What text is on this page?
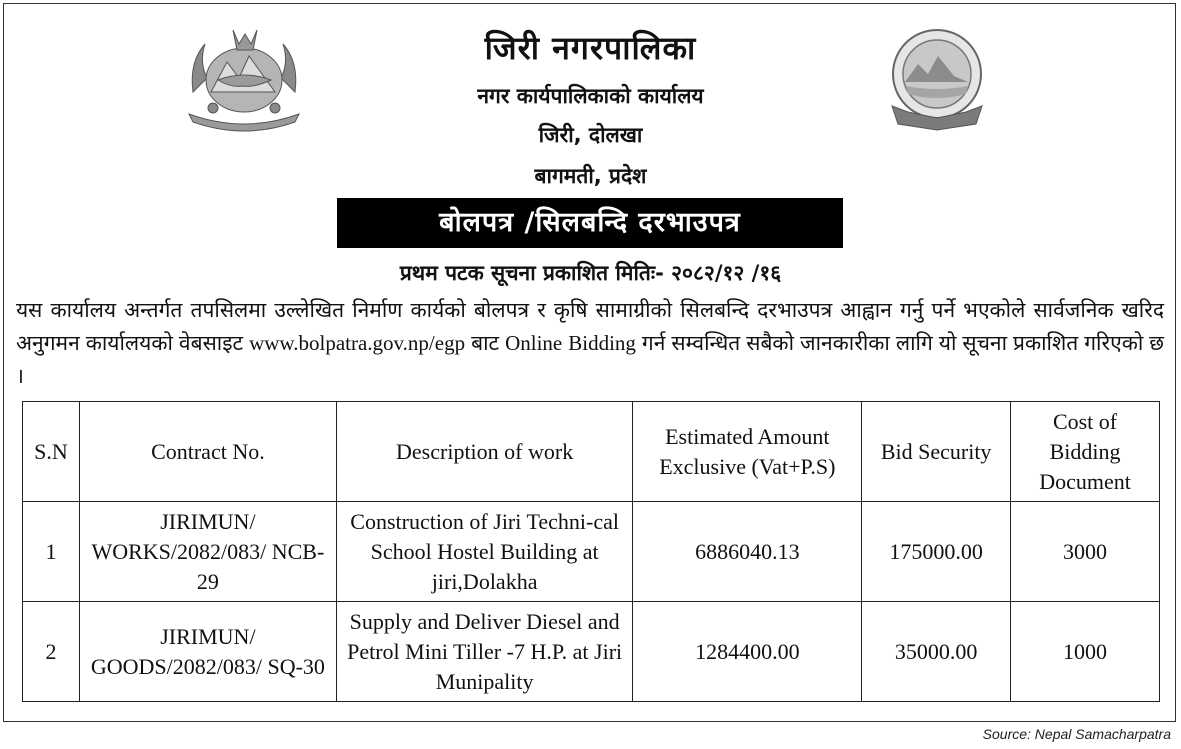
जिरी नगरपालिका
नगर कार्यपालिकाको कार्यालय
जिरी, दोलखा
बागमती, प्रदेश
बोलपत्र /सिलबन्दि दरभाउपत्र
प्रथम पटक सूचना प्रकाशित मितिः- २०८२/१२ /१६
यस कार्यालय अन्तर्गत तपसिलमा उल्लेखित निर्माण कार्यको बोलपत्र र कृषि सामाग्रीको सिलबन्दि दरभाउपत्र आह्वान गर्नु पर्ने भएकोले सार्वजनिक खरिद अनुगमन कार्यालयको वेबसाइट www.bolpatra.gov.np/egp बाट Online Bidding गर्न सम्वन्धित सबैको जानकारीका लागि यो सूचना प्रकाशित गरिएको छ ।
S.N	Contract No.	Description of work	Estimated Amount Exclusive (Vat+P.S)	Bid Security	Cost of Bidding Document
1	JIRIMUN/ WORKS/2082/083/ NCB-29	Construction of Jiri Techni-cal School Hostel Building at jiri,Dolakha	6886040.13	175000.00	3000
2	JIRIMUN/ GOODS/2082/083/ SQ-30	Supply and Deliver Diesel and Petrol Mini Tiller -7 H.P. at Jiri Munipality	1284400.00	35000.00	1000
Source: Nepal Samacharpatra
